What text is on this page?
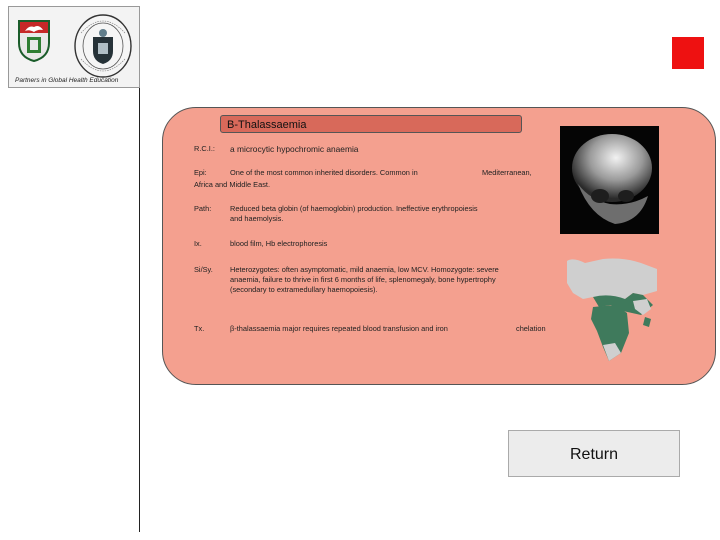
Partners in Global Health Education
B-Thalassaemia
R.C.I.:	a microcytic hypochromic anaemia
Epi:	One of the most common inherited disorders. Common in	Mediterranean,
Africa and Middle East.
Path:	Reduced beta globin (of haemoglobin) production. Ineffective erythropoiesis and haemolysis.
Ix.	blood film, Hb electrophoresis
Si/Sy.	Heterozygotes: often asymptomatic, mild anaemia, low MCV. Homozygote: severe anaemia, failure to thrive in first 6 months of life, splenomegaly, bone hypertrophy (secondary to extramedullary haemopoiesis).
Tx.	β-thalassaemia major requires repeated blood transfusion and iron	chelation
Return
